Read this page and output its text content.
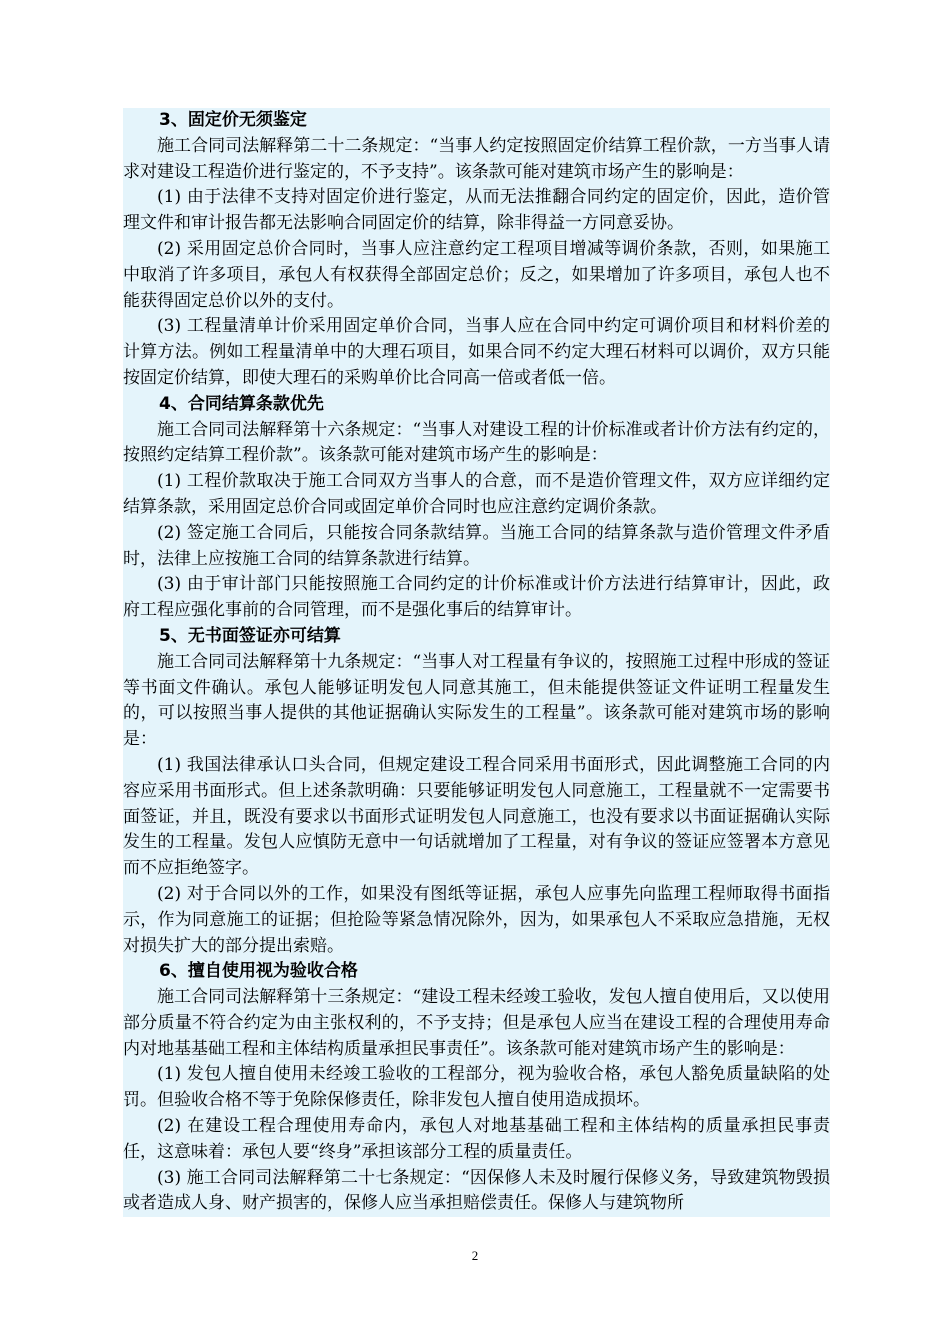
3、固定价无须鉴定

施工合同司法解释第二十二条规定：“当事人约定按照固定价结算工程价款，一方当事人请求对建设工程造价进行鉴定的，不予支持”。该条款可能对建筑市场产生的影响是：

(1) 由于法律不支持对固定价进行鉴定，从而无法推翻合同约定的固定价，因此，造价管理文件和审计报告都无法影响合同固定价的结算，除非得益一方同意妥协。

(2) 采用固定总价合同时，当事人应注意约定工程项目增减等调价条款，否则，如果施工中取消了许多项目，承包人有权获得全部固定总价；反之，如果增加了许多项目，承包人也不能获得固定总价以外的支付。

(3) 工程量清单计价采用固定单价合同，当事人应在合同中约定可调价项目和材料价差的计算方法。例如工程量清单中的大理石项目，如果合同不约定大理石材料可以调价，双方只能按固定价结算，即使大理石的采购单价比合同高一倍或者低一倍。

4、合同结算条款优先

施工合同司法解释第十六条规定：“当事人对建设工程的计价标准或者计价方法有约定的，按照约定结算工程价款”。该条款可能对建筑市场产生的影响是：

(1) 工程价款取决于施工合同双方当事人的合意，而不是造价管理文件，双方应详细约定结算条款，采用固定总价合同或固定单价合同时也应注意约定调价条款。

(2) 签定施工合同后，只能按合同条款结算。当施工合同的结算条款与造价管理文件矛盾时，法律上应按施工合同的结算条款进行结算。

(3) 由于审计部门只能按照施工合同约定的计价标准或计价方法进行结算审计，因此，政府工程应强化事前的合同管理，而不是强化事后的结算审计。

5、无书面签证亦可结算

施工合同司法解释第十九条规定：“当事人对工程量有争议的，按照施工过程中形成的签证等书面文件确认。承包人能够证明发包人同意其施工，但未能提供签证文件证明工程量发生的，可以按照当事人提供的其他证据确认实际发生的工程量”。该条款可能对建筑市场的影响是：

(1) 我国法律承认口头合同，但规定建设工程合同采用书面形式，因此调整施工合同的内容应采用书面形式。但上述条款明确：只要能够证明发包人同意施工，工程量就不一定需要书面签证，并且，既没有要求以书面形式证明发包人同意施工，也没有要求以书面证据确认实际发生的工程量。发包人应慎防无意中一句话就增加了工程量，对有争议的签证应签署本方意见而不应拒绝签字。

(2) 对于合同以外的工作，如果没有图纸等证据，承包人应事先向监理工程师取得书面指示，作为同意施工的证据；但抢险等紧急情况除外，因为，如果承包人不采取应急措施，无权对损失扩大的部分提出索赔。

6、擅自使用视为验收合格

施工合同司法解释第十三条规定：“建设工程未经竣工验收，发包人擅自使用后，又以使用部分质量不符合约定为由主张权利的，不予支持；但是承包人应当在建设工程的合理使用寿命内对地基基础工程和主体结构质量承担民事责任”。该条款可能对建筑市场产生的影响是：

(1) 发包人擅自使用未经竣工验收的工程部分，视为验收合格，承包人豁免质量缺陷的处罚。但验收合格不等于免除保修责任，除非发包人擅自使用造成损坏。

(2) 在建设工程合理使用寿命内，承包人对地基基础工程和主体结构的质量承担民事责任，这意味着：承包人要“终身”承担该部分工程的质量责任。

(3) 施工合同司法解释第二十七条规定：“因保修人未及时履行保修义务，导致建筑物毁损或者造成人身、财产损害的，保修人应当承担赔偿责任。保修人与建筑物所

2
